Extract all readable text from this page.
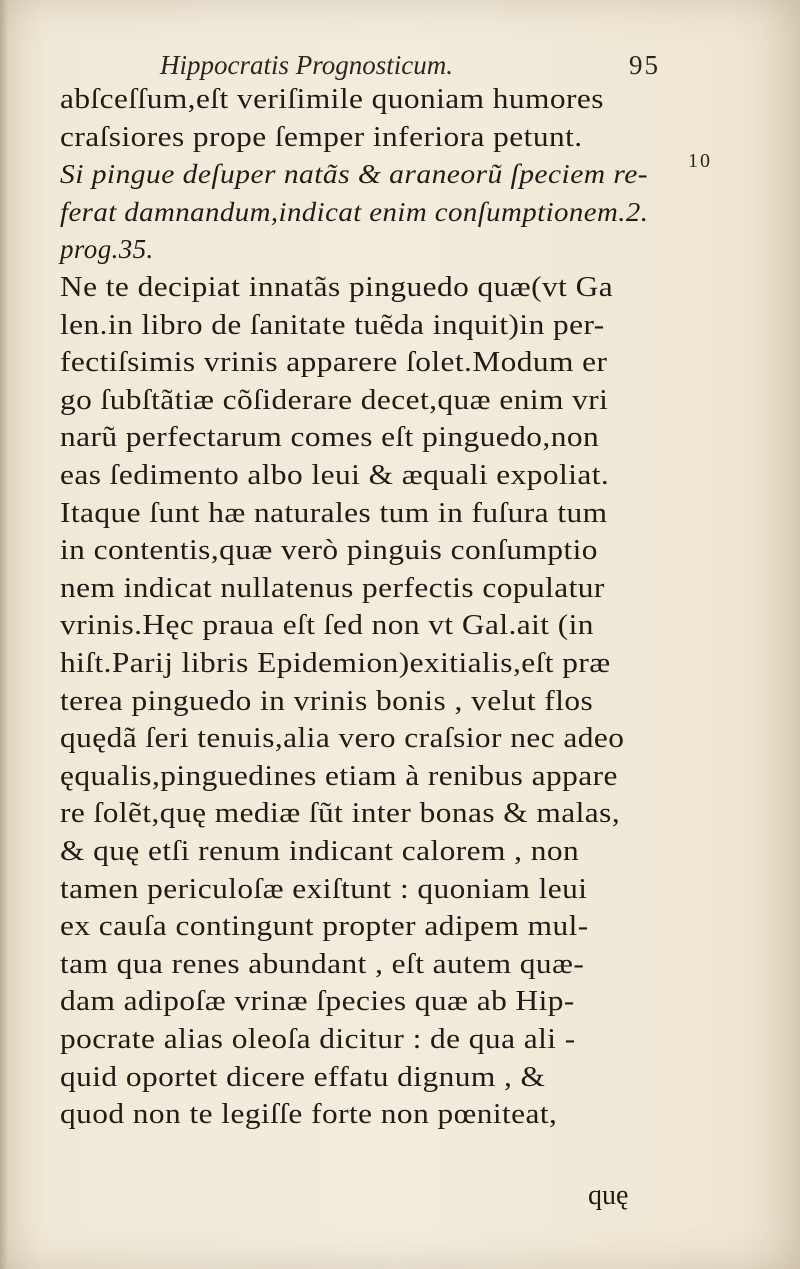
Hippocratis Prognosticum.	95
10
abſceſſum,eſt veriſimile quoniam humores
craſsiores prope ſemper inferiora petunt.
Si pingue deſuper natãs & araneorũ ſpeciem re-
ferat damnandum,indicat enim conſumptionem.2.
prog.35.
Ne te decipiat innatãs pinguedo quæ(vt Ga
len.in libro de ſanitate tuẽda inquit)in per-
fectiſsimis vrinis apparere ſolet.Modum er
go ſubſtãtiæ cõſiderare decet,quæ enim vri
narũ perfectarum comes eſt pinguedo,non
eas ſedimento albo leui & æquali expoliat.
Itaque ſunt hæ naturales tum in fuſura tum
in contentis,quæ verò pinguis conſumptio
nem indicat nullatenus perfectis copulatur
vrinis.Hęc praua eſt ſed non vt Gal.ait (in
hiſt.Parij libris Epidemion)exitialis,eſt præ
terea pinguedo in vrinis bonis , velut flos
quędã ſeri tenuis,alia vero craſsior nec adeo
ęqualis,pinguedines etiam à renibus appare
re ſolẽt,quę mediæ ſũt inter bonas & malas,
& quę etſi renum indicant calorem , non
tamen periculoſæ exiſtunt : quoniam leui
ex cauſa contingunt propter adipem mul-
tam qua renes abundant , eſt autem quæ-
dam adipoſæ vrinæ ſpecies quæ ab Hip-
pocrate alias oleoſa dicitur : de qua ali -
quid oportet dicere effatu dignum , &
quod non te legiſſe forte non pœniteat,
quę
